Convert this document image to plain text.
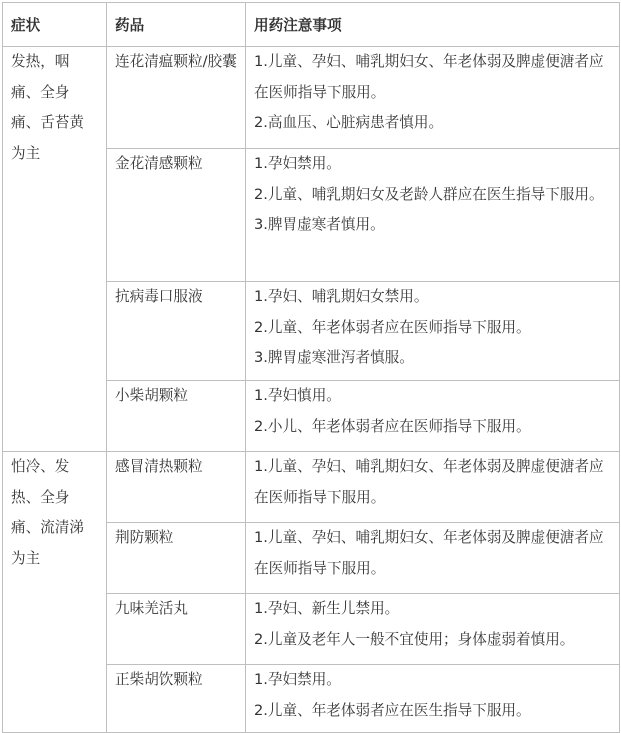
症状	药品	用药注意事项
发热，咽痛、全身痛、舌苔黄为主	连花清瘟颗粒/胶囊	1.儿童、孕妇、哺乳期妇女、年老体弱及脾虚便溏者应在医师指导下服用。
2.高血压、心脏病患者慎用。

	金花清感颗粒	1.孕妇禁用。
2.儿童、哺乳期妇女及老龄人群应在医生指导下服用。
3.脾胃虚寒者慎用。

	抗病毒口服液	1.孕妇、哺乳期妇女禁用。
2.儿童、年老体弱者应在医师指导下服用。
3.脾胃虚寒泄泻者慎服。

	小柴胡颗粒	1.孕妇慎用。
2.小儿、年老体弱者应在医师指导下服用。

怕冷、发热、全身痛、流清涕为主	感冒清热颗粒	1.儿童、孕妇、哺乳期妇女、年老体弱及脾虚便溏者应在医师指导下服用。

	荆防颗粒	1.儿童、孕妇、哺乳期妇女、年老体弱及脾虚便溏者应在医师指导下服用。

	九味羌活丸	1.孕妇、新生儿禁用。
2.儿童及老年人一般不宜使用；身体虚弱着慎用。

	正柴胡饮颗粒	1.孕妇禁用。
2.儿童、年老体弱者应在医生指导下服用。
